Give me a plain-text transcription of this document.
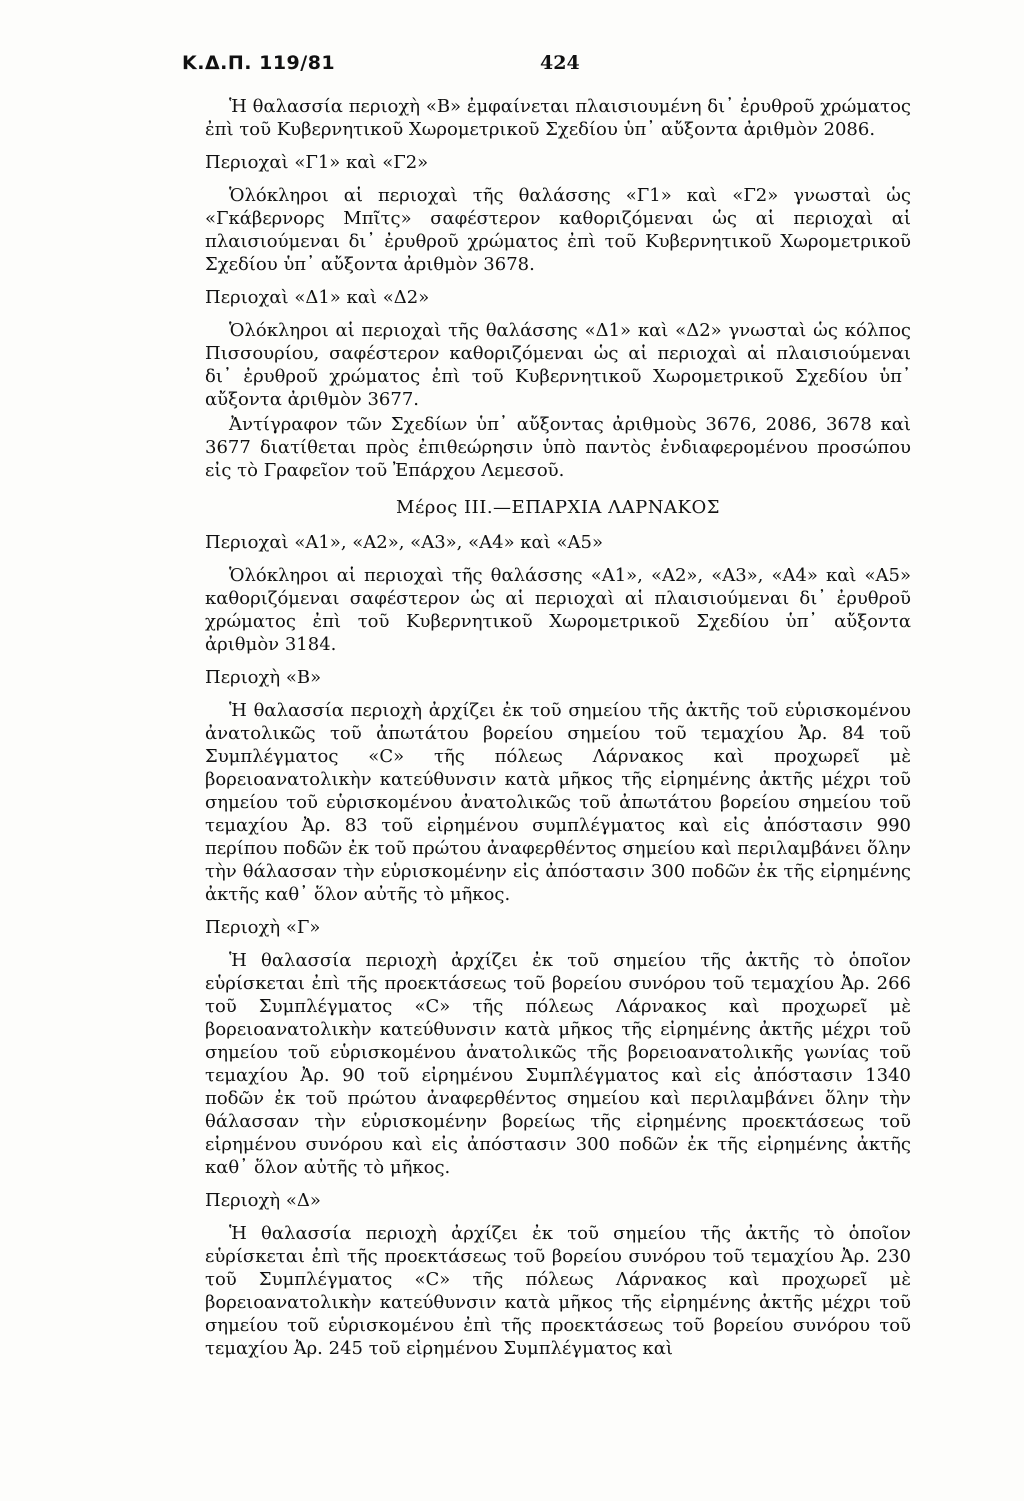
Κ.Δ.Π. 119/81	424

Ἡ θαλασσία περιοχὴ «Β» ἐμφαίνεται πλαισιουμένη δι᾽ ἐρυθροῦ χρώματος ἐπὶ τοῦ Κυβερνητικοῦ Χωρομετρικοῦ Σχεδίου ὑπ᾽ αὔξοντα ἀριθμὸν 2086.

Περιοχαὶ «Γ1» καὶ «Γ2»

Ὁλόκληροι αἱ περιοχαὶ τῆς θαλάσσης «Γ1» καὶ «Γ2» γνωσταὶ ὡς «Γκάβερνορς Μπῖτς» σαφέστερον καθοριζόμεναι ὡς αἱ περιοχαὶ αἱ πλαισιούμεναι δι᾽ ἐρυθροῦ χρώματος ἐπὶ τοῦ Κυβερνητικοῦ Χωρομετρικοῦ Σχεδίου ὑπ᾽ αὔξοντα ἀριθμὸν 3678.

Περιοχαὶ «Δ1» καὶ «Δ2»

Ὁλόκληροι αἱ περιοχαὶ τῆς θαλάσσης «Δ1» καὶ «Δ2» γνωσταὶ ὡς κόλπος Πισσουρίου, σαφέστερον καθοριζόμεναι ὡς αἱ περιοχαὶ αἱ πλαισιούμεναι δι᾽ ἐρυθροῦ χρώματος ἐπὶ τοῦ Κυβερνητικοῦ Χωρομετρικοῦ Σχεδίου ὑπ᾽ αὔξοντα ἀριθμὸν 3677.

Ἀντίγραφον τῶν Σχεδίων ὑπ᾽ αὔξοντας ἀριθμοὺς 3676, 2086, 3678 καὶ 3677 διατίθεται πρὸς ἐπιθεώρησιν ὑπὸ παντὸς ἐνδιαφερομένου προσώπου εἰς τὸ Γραφεῖον τοῦ Ἐπάρχου Λεμεσοῦ.

Μέρος ΙΙΙ.—ΕΠΑΡΧΙΑ ΛΑΡΝΑΚΟΣ

Περιοχαὶ «Α1», «Α2», «Α3», «Α4» καὶ «Α5»

Ὁλόκληροι αἱ περιοχαὶ τῆς θαλάσσης «Α1», «Α2», «Α3», «Α4» καὶ «Α5» καθοριζόμεναι σαφέστερον ὡς αἱ περιοχαὶ αἱ πλαισιούμεναι δι᾽ ἐρυθροῦ χρώματος ἐπὶ τοῦ Κυβερνητικοῦ Χωρομετρικοῦ Σχεδίου ὑπ᾽ αὔξοντα ἀριθμὸν 3184.

Περιοχὴ «Β»

Ἡ θαλασσία περιοχὴ ἀρχίζει ἐκ τοῦ σημείου τῆς ἀκτῆς τοῦ εὑρισκομένου ἀνατολικῶς τοῦ ἀπωτάτου βορείου σημείου τοῦ τεμαχίου Ἀρ. 84 τοῦ Συμπλέγματος «C» τῆς πόλεως Λάρνακος καὶ προχωρεῖ μὲ βορειοανατολικὴν κατεύθυνσιν κατὰ μῆκος τῆς εἰρημένης ἀκτῆς μέχρι τοῦ σημείου τοῦ εὑρισκομένου ἀνατολικῶς τοῦ ἀπωτάτου βορείου σημείου τοῦ τεμαχίου Ἀρ. 83 τοῦ εἰρημένου συμπλέγματος καὶ εἰς ἀπόστασιν 990 περίπου ποδῶν ἐκ τοῦ πρώτου ἀναφερθέντος σημείου καὶ περιλαμβάνει ὅλην τὴν θάλασσαν τὴν εὑρισκομένην εἰς ἀπόστασιν 300 ποδῶν ἐκ τῆς εἰρημένης ἀκτῆς καθ᾽ ὅλον αὐτῆς τὸ μῆκος.

Περιοχὴ «Γ»

Ἡ θαλασσία περιοχὴ ἀρχίζει ἐκ τοῦ σημείου τῆς ἀκτῆς τὸ ὁποῖον εὑρίσκεται ἐπὶ τῆς προεκτάσεως τοῦ βορείου συνόρου τοῦ τεμαχίου Ἀρ. 266 τοῦ Συμπλέγματος «C» τῆς πόλεως Λάρνακος καὶ προχωρεῖ μὲ βορειοανατολικὴν κατεύθυνσιν κατὰ μῆκος τῆς εἰρημένης ἀκτῆς μέχρι τοῦ σημείου τοῦ εὑρισκομένου ἀνατολικῶς τῆς βορειοανατολικῆς γωνίας τοῦ τεμαχίου Ἀρ. 90 τοῦ εἰρημένου Συμπλέγματος καὶ εἰς ἀπόστασιν 1340 ποδῶν ἐκ τοῦ πρώτου ἀναφερθέντος σημείου καὶ περιλαμβάνει ὅλην τὴν θάλασσαν τὴν εὑρισκομένην βορείως τῆς εἰρημένης προεκτάσεως τοῦ εἰρημένου συνόρου καὶ εἰς ἀπόστασιν 300 ποδῶν ἐκ τῆς εἰρημένης ἀκτῆς καθ᾽ ὅλον αὐτῆς τὸ μῆκος.

Περιοχὴ «Δ»

Ἡ θαλασσία περιοχὴ ἀρχίζει ἐκ τοῦ σημείου τῆς ἀκτῆς τὸ ὁποῖον εὑρίσκεται ἐπὶ τῆς προεκτάσεως τοῦ βορείου συνόρου τοῦ τεμαχίου Ἀρ. 230 τοῦ Συμπλέγματος «C» τῆς πόλεως Λάρνακος καὶ προχωρεῖ μὲ βορειοανατολικὴν κατεύθυνσιν κατὰ μῆκος τῆς εἰρημένης ἀκτῆς μέχρι τοῦ σημείου τοῦ εὑρισκομένου ἐπὶ τῆς προεκτάσεως τοῦ βορείου συνόρου τοῦ τεμαχίου Ἀρ. 245 τοῦ εἰρημένου Συμπλέγματος καὶ
